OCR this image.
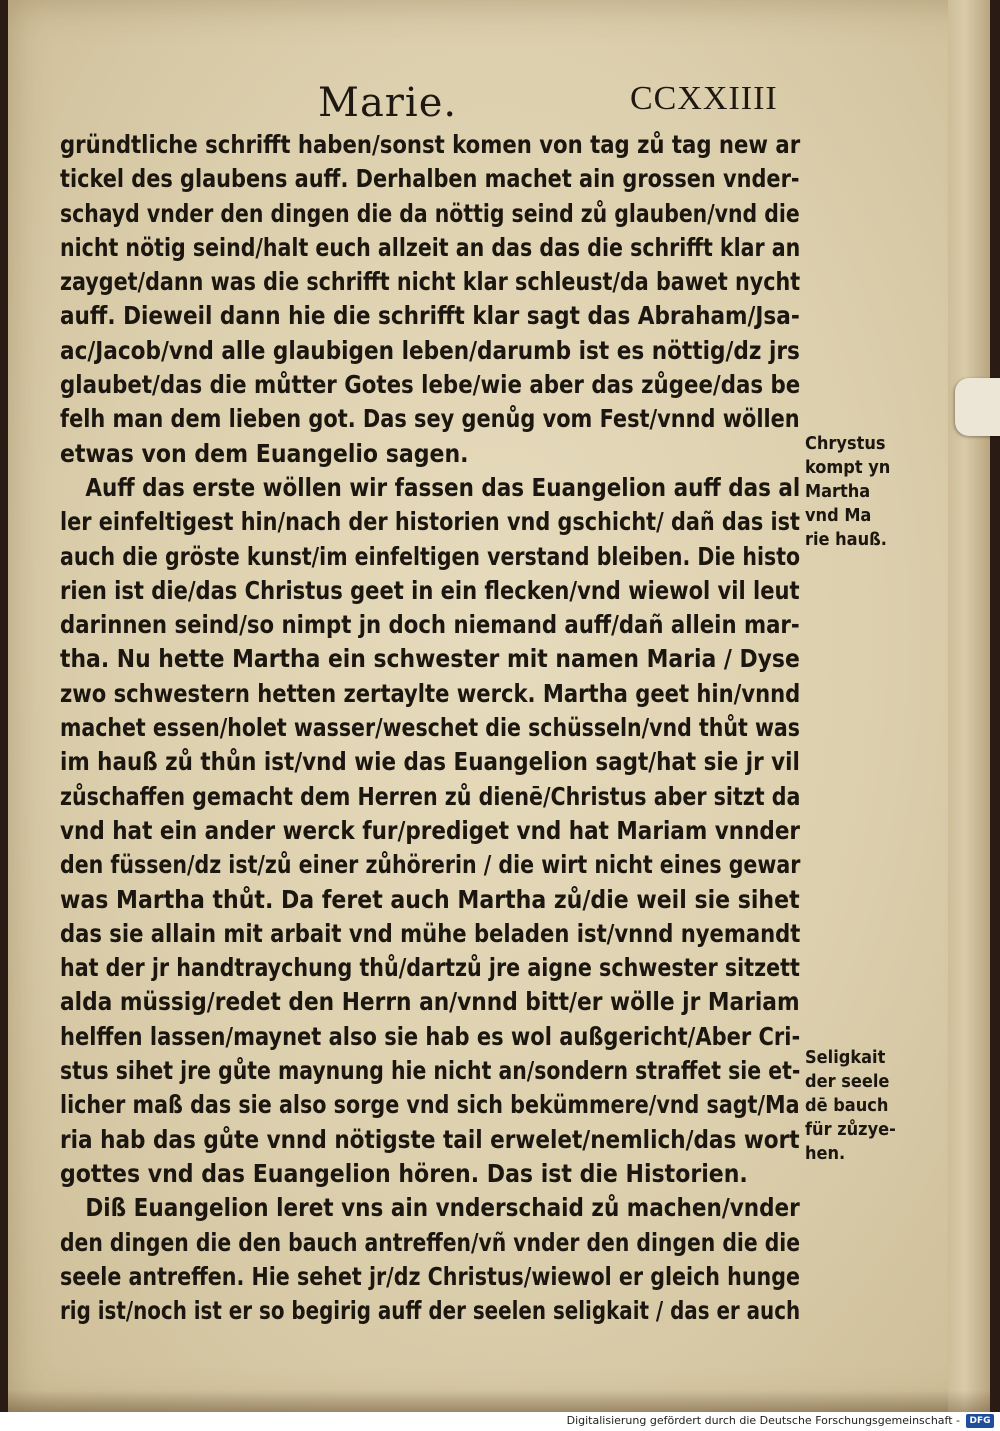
Marie.	CCXXIIII
gründtliche schrifft haben/sonst komen von tag zů tag new ar
tickel des glaubens auff. Derhalben machet ain grossen vnder-
schayd vnder den dingen die da nöttig seind zů glauben/vnd die
nicht nötig seind/halt euch allzeit an das das die schrifft klar an
zayget/dann was die schrifft nicht klar schleust/da bawet nycht
auff. Dieweil dann hie die schrifft klar sagt das Abraham/Jsa-
ac/Jacob/vnd alle glaubigen leben/darumb ist es nöttig/dz jrs
glaubet/das die můtter Gotes lebe/wie aber das zůgee/das be
felh man dem lieben got. Das sey genůg vom Fest/vnnd wöllen
etwas von dem Euangelio sagen.
Auff das erste wöllen wir fassen das Euangelion auff das al
ler einfeltigest hin/nach der historien vnd gschicht/ dañ das ist
auch die gröste kunst/im einfeltigen verstand bleiben. Die histo
rien ist die/das Christus geet in ein flecken/vnd wiewol vil leut
darinnen seind/so nimpt jn doch niemand auff/dañ allein mar-
tha. Nu hette Martha ein schwester mit namen Maria / Dyse
zwo schwestern hetten zertaylte werck. Martha geet hin/vnnd
machet essen/holet wasser/weschet die schüsseln/vnd thůt was
im hauß zů thůn ist/vnd wie das Euangelion sagt/hat sie jr vil
zůschaffen gemacht dem Herren zů dienē/Christus aber sitzt da
vnd hat ein ander werck fur/prediget vnd hat Mariam vnnder
den füssen/dz ist/zů einer zůhörerin / die wirt nicht eines gewar
was Martha thůt. Da feret auch Martha zů/die weil sie sihet
das sie allain mit arbait vnd mühe beladen ist/vnnd nyemandt
hat der jr handtraychung thů/dartzů jre aigne schwester sitzett
alda müssig/redet den Herrn an/vnnd bitt/er wölle jr Mariam
helffen lassen/maynet also sie hab es wol außgericht/Aber Cri-
stus sihet jre gůte maynung hie nicht an/sondern straffet sie et-
licher maß das sie also sorge vnd sich bekümmere/vnd sagt/Ma
ria hab das gůte vnnd nötigste tail erwelet/nemlich/das wort
gottes vnd das Euangelion hören. Das ist die Historien.
Diß Euangelion leret vns ain vnderschaid zů machen/vnder
den dingen die den bauch antreffen/vñ vnder den dingen die die
seele antreffen. Hie sehet jr/dz Christus/wiewol er gleich hunge
rig ist/noch ist er so begirig auff der seelen seligkait / das er auch
Chrystus
kompt yn
Martha
vnd Ma
rie hauß.
Seligkait
der seele
dē bauch
für zůzye-
hen.
Digitalisierung gefördert durch die Deutsche Forschungsgemeinschaft -	DFG
